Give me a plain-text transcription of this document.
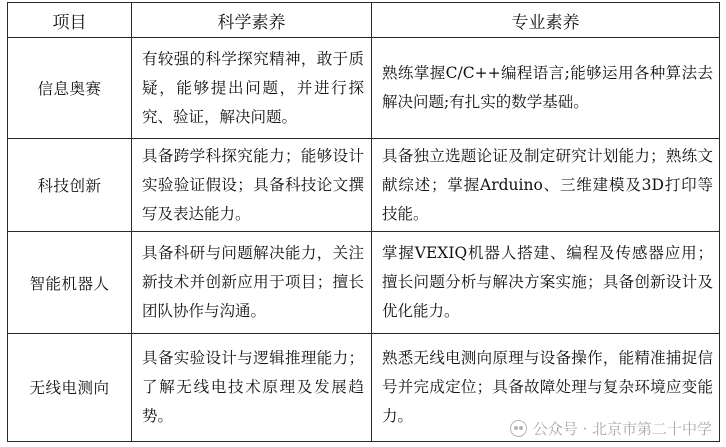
项目	科学素养	专业素养
信息奥赛	有较强的科学探究精神，敢于质疑，能够提出问题，并进行探究、验证，解决问题。	熟练掌握C/C++编程语言;能够运用各种算法去解决问题;有扎实的数学基础。
科技创新	具备跨学科探究能力；能够设计实验验证假设；具备科技论文撰写及表达能力。	具备独立选题论证及制定研究计划能力；熟练文献综述；掌握Arduino、三维建模及3D打印等技能。
智能机器人	具备科研与问题解决能力，关注新技术并创新应用于项目；擅长团队协作与沟通。	掌握VEXIQ机器人搭建、编程及传感器应用；擅长问题分析与解决方案实施；具备创新设计及优化能力。
无线电测向	具备实验设计与逻辑推理能力；了解无线电技术原理及发展趋势。	熟悉无线电测向原理与设备操作，能精准捕捉信号并完成定位；具备故障处理与复杂环境应变能力。
公众号 · 北京市第二十中学
